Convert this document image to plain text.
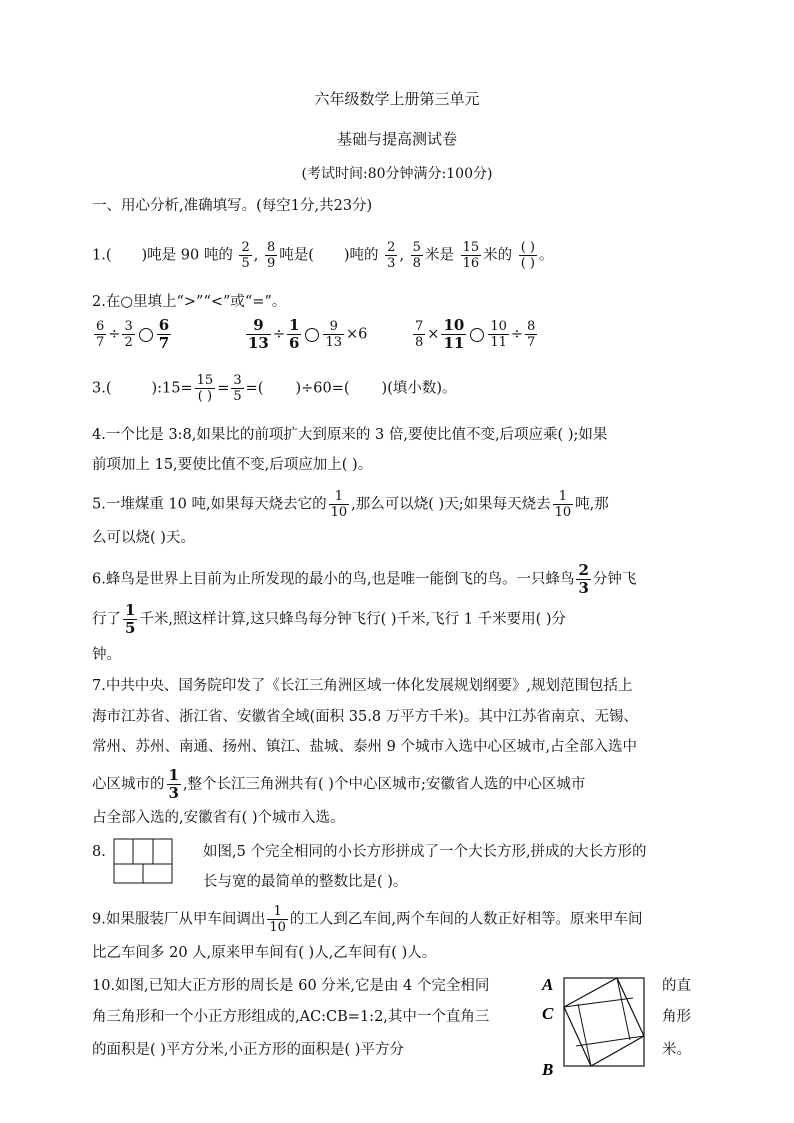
六年级数学上册第三单元
基础与提高测试卷
(考试时间:80分钟满分:100分)
一、用心分析,准确填写。(每空1分,共23分)
1.( )吨是 90 吨的 $\frac{2}{5}$ , $\frac{8}{9}$ 吨是( )吨的 $\frac{2}{3}$ , $\frac{5}{8}$ 米是 $\frac{15}{16}$ 米的 $\frac{( )}{( )}$ 。
2.在○里填上“>”“<”或“=”。
$\frac{6}{7} \div \frac{3}{2} \frac{6}{7}$	$\frac{9}{13} \div \frac{1}{6} \frac{9}{13} \times 6$	$\frac{7}{8} \times \frac{10}{11} \frac{10}{11} \div \frac{8}{7}$
3.(	):15= $\frac{15}{( )} = \frac{3}{5}$ =( )÷60=( )(填小数)。
4.一个比是 3:8,如果比的前项扩大到原来的 3 倍,要使比值不变,后项应乘( );如果
前项加上 15,要使比值不变,后项应加上( )。
5.一堆煤重 10 吨,如果每天烧去它的 $\frac{1}{10}$ ,那么可以烧( )天;如果每天烧去 $\frac{1}{10}$ 吨,那
么可以烧( )天。
6.蜂鸟是世界上目前为止所发现的最小的鸟,也是唯一能倒飞的鸟。一只蜂鸟 $\frac{2}{3}$ 分钟飞
行了 $\frac{1}{5}$ 千米,照这样计算,这只蜂鸟每分钟飞行( )千米,飞行 1 千米要用( )分
钟。
7.中共中央、国务院印发了《长江三角洲区域一体化发展规划纲要》,规划范围包括上
海市江苏省、浙江省、安徽省全域(面积 35.8 万平方千米)。其中江苏省南京、无锡、
常州、苏州、南通、扬州、镇江、盐城、泰州 9 个城市入选中心区城市,占全部入选中
心区城市的 $\frac{1}{3}$ ,整个长江三角洲共有( )个中心区城市;安徽省人选的中心区城市
占全部入选的,安徽省有( )个城市入选。
8.	如图,5 个完全相同的小长方形拼成了一个大长方形,拼成的大长方形的
长与宽的最简单的整数比是( )。
9.如果服装厂从甲车间调出 $\frac{1}{10}$ 的工人到乙车间,两个车间的人数正好相等。原来甲车间
比乙车间多 20 人,原来甲车间有( )人,乙车间有( )人。
10.如图,已知大正方形的周长是 60 分米,它是由 4 个完全相同
角三角形和一个小正方形组成的,AC:CB=1:2,其中一个直角三
的面积是( )平方分米,小正方形的面积是( )平方分
的直
角形
米。
A
C
B
